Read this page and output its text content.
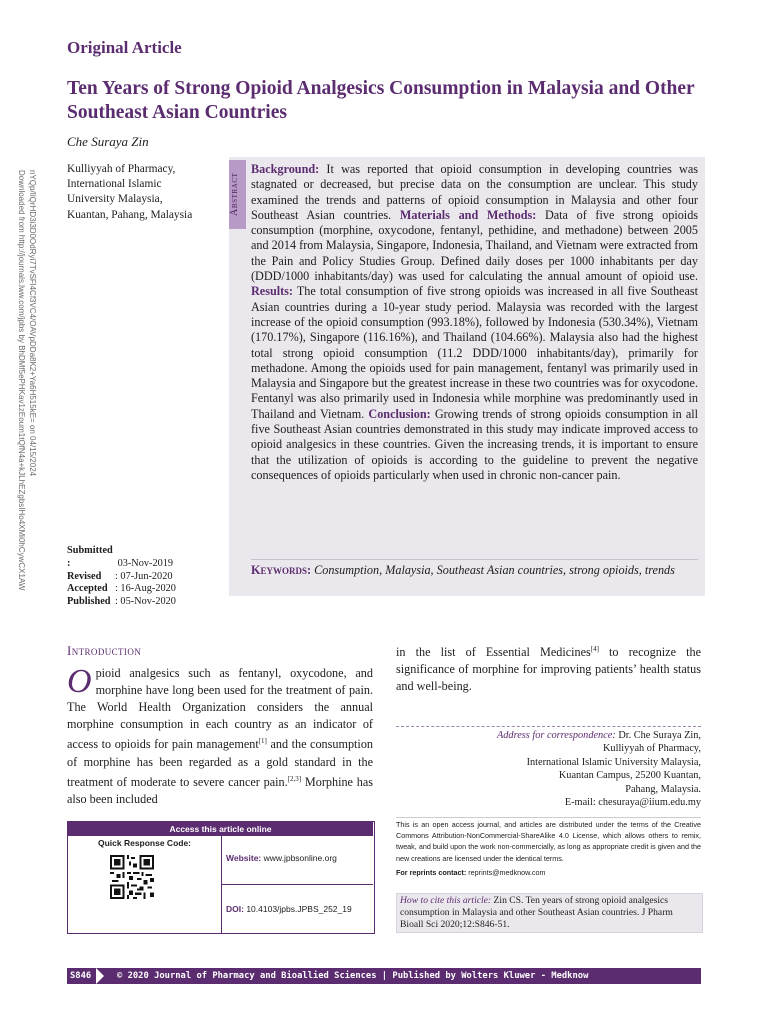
Original Article
Ten Years of Strong Opioid Analgesics Consumption in Malaysia and Other Southeast Asian Countries
Che Suraya Zin
Kulliyyah of Pharmacy,
International Islamic
University Malaysia,
Kuantan, Pahang, Malaysia
Downloaded from http://journals.lww.com/jpbs by BhDMf5ePHKav1zEoum1tQfN4a+kJLhEZgbsIHo4XMi0hCywCX1AW nYQp/IlQrHD3i3D0OdRyi7TvSFl4Cf3VC4/OAVpDDa8K2+Ya6H515kE= on 04/15/2024	Abstract
Background: It was reported that opioid consumption in developing countries was stagnated or decreased, but precise data on the consumption are unclear. This study examined the trends and patterns of opioid consumption in Malaysia and other four Southeast Asian countries. Materials and Methods: Data of five strong opioids consumption (morphine, oxycodone, fentanyl, pethidine, and methadone) between 2005 and 2014 from Malaysia, Singapore, Indonesia, Thailand, and Vietnam were extracted from the Pain and Policy Studies Group. Defined daily doses per 1000 inhabitants per day (DDD/1000 inhabitants/day) was used for calculating the annual amount of opioid use. Results: The total consumption of five strong opioids was increased in all five Southeast Asian countries during a 10-year study period. Malaysia was recorded with the largest increase of the opioid consumption (993.18%), followed by Indonesia (530.34%), Vietnam (170.17%), Singapore (116.16%), and Thailand (104.66%). Malaysia also had the highest total strong opioid consumption (11.2 DDD/1000 inhabitants/day), primarily for methadone. Among the opioids used for pain management, fentanyl was primarily used in Malaysia and Singapore but the greatest increase in these two countries was for oxycodone. Fentanyl was also primarily used in Indonesia while morphine was predominantly used in Thailand and Vietnam. Conclusion: Growing trends of strong opioids consumption in all five Southeast Asian countries demonstrated in this study may indicate improved access to opioid analgesics in these countries. Given the increasing trends, it is important to ensure that the utilization of opioids is according to the guideline to prevent the negative consequences of opioids particularly when used in chronic non-cancer pain.
Keywords: Consumption, Malaysia, Southeast Asian countries, strong opioids, trends
Submitted :	03-Nov-2019
Revised : 07-Jun-2020
Accepted : 16-Aug-2020
Published : 05-Nov-2020
Introduction
Opioid analgesics such as fentanyl, oxycodone, and morphine have long been used for the treatment of pain. The World Health Organization considers the annual morphine consumption in each country as an indicator of access to opioids for pain management[1] and the consumption of morphine has been regarded as a gold standard in the treatment of moderate to severe cancer pain.[2,3] Morphine has also been included
in the list of Essential Medicines[4] to recognize the significance of morphine for improving patients’ health status and well-being.
Address for correspondence: Dr. Che Suraya Zin,
Kulliyyah of Pharmacy,
International Islamic University Malaysia,
Kuantan Campus, 25200 Kuantan,
Pahang, Malaysia.
E-mail: chesuraya@iium.edu.my
This is an open access journal, and articles are distributed under the terms of the Creative Commons Attribution-NonCommercial-ShareAlike 4.0 License, which allows others to remix, tweak, and build upon the work non-commercially, as long as appropriate credit is given and the new creations are licensed under the identical terms.
For reprints contact: reprints@medknow.com
How to cite this article: Zin CS. Ten years of strong opioid analgesics consumption in Malaysia and other Southeast Asian countries. J Pharm Bioall Sci 2020;12:S846-51.
Access this article online
Quick Response Code:
Website: www.jpbsonline.org
DOI: 10.4103/jpbs.JPBS_252_19
S846	© 2020 Journal of Pharmacy and Bioallied Sciences | Published by Wolters Kluwer - Medknow
